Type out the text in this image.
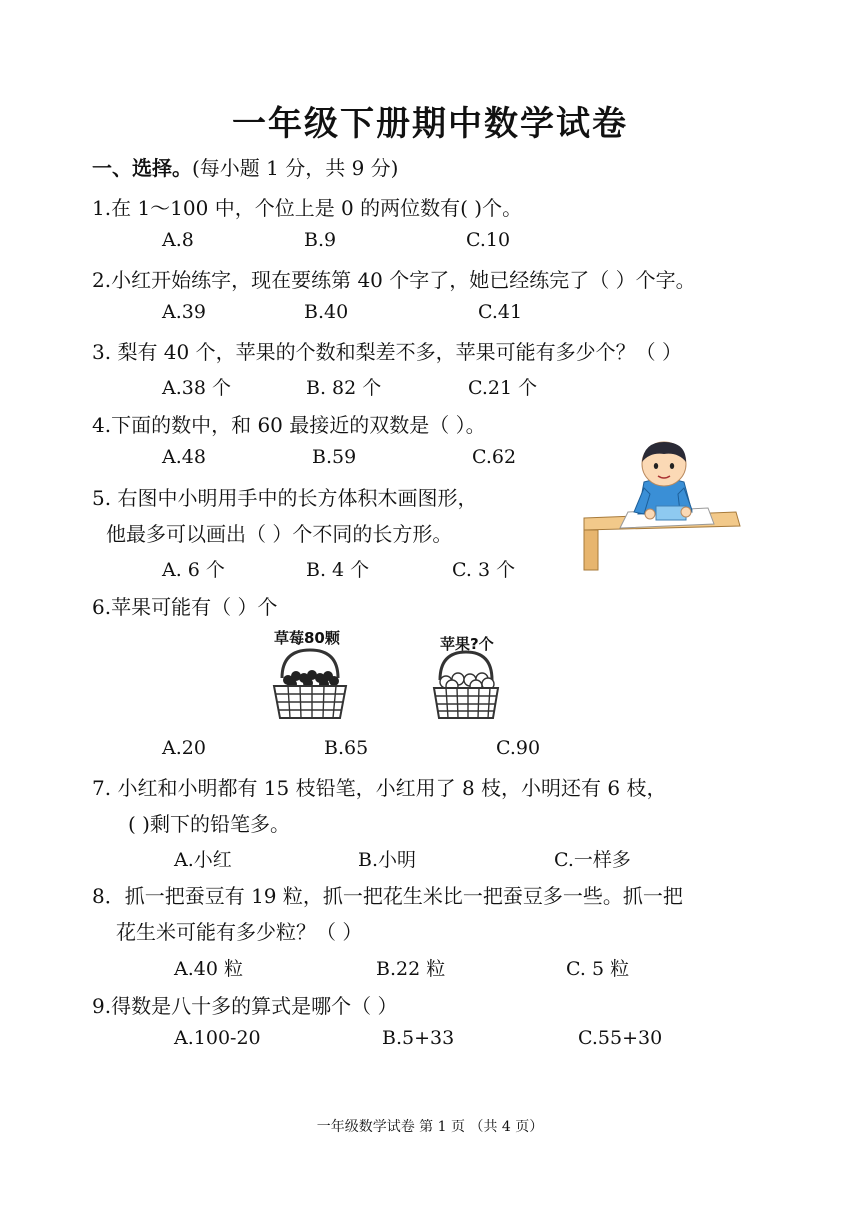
一年级下册期中数学试卷
一、选择。(每小题 1 分，共 9 分)
1.在 1～100 中，个位上是 0 的两位数有( )个。
A.8	B.9	C.10
2.小红开始练字，现在要练第 40 个字了，她已经练完了（ ）个字。
A.39	B.40	C.41
3. 梨有 40 个，苹果的个数和梨差不多，苹果可能有多少个？（ ）
A.38 个	B. 82 个	C.21 个
4.下面的数中，和 60 最接近的双数是（ ）。
A.48	B.59	C.62
5. 右图中小明用手中的长方体积木画图形，
他最多可以画出（ ）个不同的长方形。
A. 6 个	B. 4 个	C. 3 个
6.苹果可能有（ ）个
草莓80颗	苹果?个
A.20	B.65	C.90
7. 小红和小明都有 15 枝铅笔，小红用了 8 枝，小明还有 6 枝，
( )剩下的铅笔多。
A.小红	B.小明	C.一样多
8．抓一把蚕豆有 19 粒，抓一把花生米比一把蚕豆多一些。抓一把
花生米可能有多少粒？（ ）
A.40 粒	B.22 粒	C. 5 粒
9.得数是八十多的算式是哪个（ ）
A.100-20	B.5+33	C.55+30
一年级数学试卷 第 1 页 （共 4 页）
